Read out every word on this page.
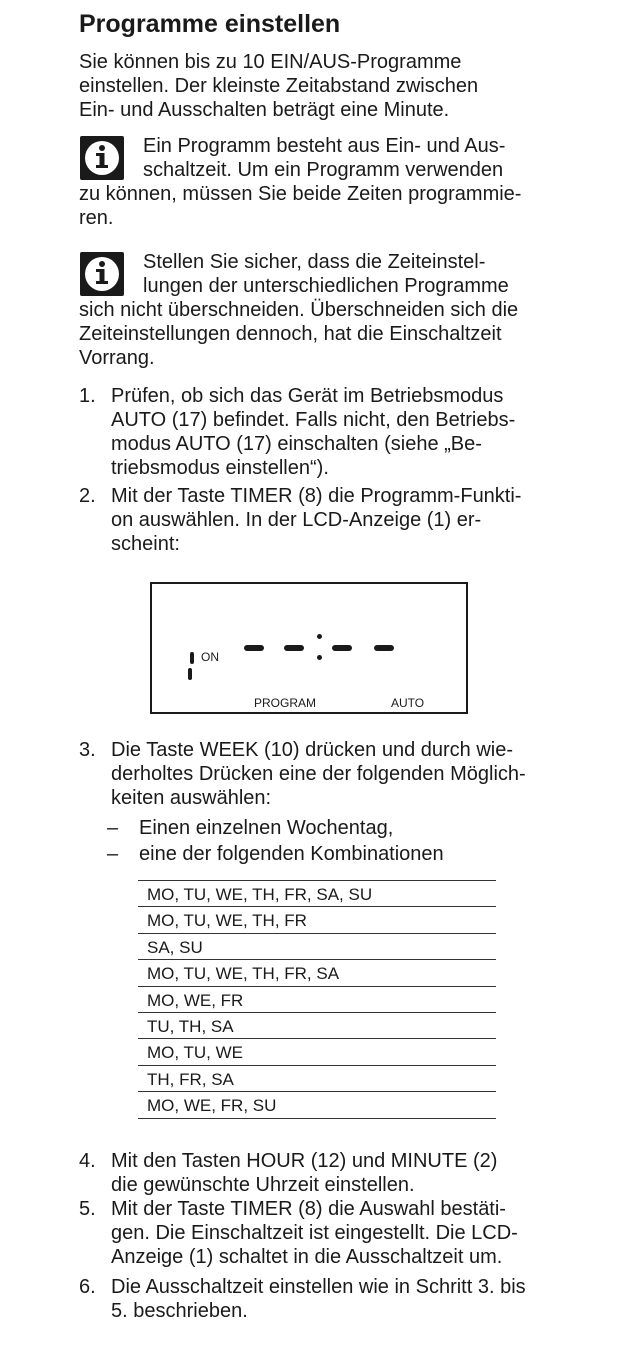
Programme einstellen
Sie können bis zu 10 EIN/AUS-Programme
einstellen. Der kleinste Zeitabstand zwischen
Ein- und Ausschalten beträgt eine Minute.
Ein Programm besteht aus Ein- und Aus-
schaltzeit. Um ein Programm verwenden
zu können, müssen Sie beide Zeiten programmie-
ren.
Stellen Sie sicher, dass die Zeiteinstel-
lungen der unterschiedlichen Programme
sich nicht überschneiden. Überschneiden sich die
Zeiteinstellungen dennoch, hat die Einschaltzeit
Vorrang.
1. Prüfen, ob sich das Gerät im Betriebsmodus
AUTO (17) befindet. Falls nicht, den Betriebs-
modus AUTO (17) einschalten (siehe „Be-
triebsmodus einstellen“).
2. Mit der Taste TIMER (8) die Programm-Funkti-
on auswählen. In der LCD-Anzeige (1) er-
scheint:
ON
PROGRAM	AUTO
3. Die Taste WEEK (10) drücken und durch wie-
derholtes Drücken eine der folgenden Möglich-
keiten auswählen:
– Einen einzelnen Wochentag,
– eine der folgenden Kombinationen
MO, TU, WE, TH, FR, SA, SU
MO, TU, WE, TH, FR
SA, SU
MO, TU, WE, TH, FR, SA
MO, WE, FR
TU, TH, SA
MO, TU, WE
TH, FR, SA
MO, WE, FR, SU
4. Mit den Tasten HOUR (12) und MINUTE (2)
die gewünschte Uhrzeit einstellen.
5. Mit der Taste TIMER (8) die Auswahl bestäti-
gen. Die Einschaltzeit ist eingestellt. Die LCD-
Anzeige (1) schaltet in die Ausschaltzeit um.
6. Die Ausschaltzeit einstellen wie in Schritt 3. bis
5. beschrieben.
